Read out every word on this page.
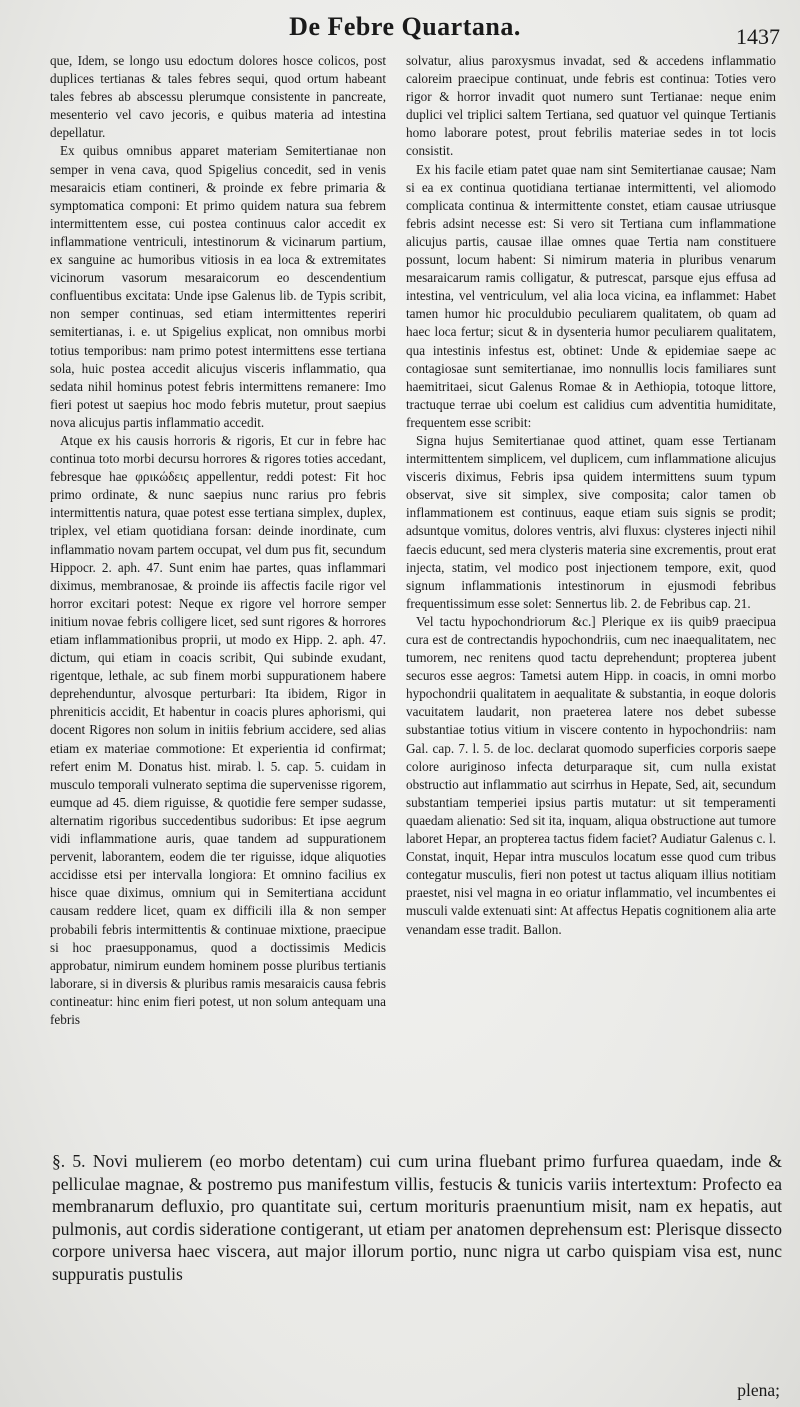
De Febre Quartana.	1437

que, Idem, se longo usu edoctum dolores hosce colicos, post duplices tertianas & tales febres sequi, quod ortum habeant tales febres ab abscessu plerumque consistente in pancreate, mesenterio vel cavo jecoris, e quibus materia ad intestina depellatur.

Ex quibus omnibus apparet materiam Semitertianae non semper in vena cava, quod Spigelius concedit, sed in venis mesaraicis etiam contineri, & proinde ex febre primaria & symptomatica componi: Et primo quidem natura sua febrem intermittentem esse, cui postea continuus calor accedit ex inflammatione ventriculi, intestinorum & vicinarum partium, ex sanguine ac humoribus vitiosis in ea loca & extremitates vicinorum vasorum mesaraicorum eo descendentium confluentibus excitata: Unde ipse Galenus lib. de Typis scribit, non semper continuas, sed etiam intermittentes reperiri semitertianas, i. e. ut Spigelius explicat, non omnibus morbi totius temporibus: nam primo potest intermittens esse tertiana sola, huic postea accedit alicujus visceris inflammatio, qua sedata nihil hominus potest febris intermittens remanere: Imo fieri potest ut saepius hoc modo febris mutetur, prout saepius nova alicujus partis inflammatio accedit.

Atque ex his causis horroris & rigoris, Et cur in febre hac continua toto morbi decursu horrores & rigores toties accedant, febresque hae φρικώδεις appellentur, reddi potest: Fit hoc primo ordinate, & nunc saepius nunc rarius pro febris intermittentis natura, quae potest esse tertiana simplex, duplex, triplex, vel etiam quotidiana forsan: deinde inordinate, cum inflammatio novam partem occupat, vel dum pus fit, secundum Hippocr. 2. aph. 47. Sunt enim hae partes, quas inflammari diximus, membranosae, & proinde iis affectis facile rigor vel horror excitari potest: Neque ex rigore vel horrore semper initium novae febris colligere licet, sed sunt rigores & horrores etiam inflammationibus proprii, ut modo ex Hipp. 2. aph. 47. dictum, qui etiam in coacis scribit, Qui subinde exudant, rigentque, lethale, ac sub finem morbi suppurationem habere deprehenduntur, alvosque perturbari: Ita ibidem, Rigor in phreniticis accidit, Et habentur in coacis plures aphorismi, qui docent Rigores non solum in initiis febrium accidere, sed alias etiam ex materiae commotione: Et experientia id confirmat; refert enim M. Donatus hist. mirab. l. 5. cap. 5. cuidam in musculo temporali vulnerato septima die supervenisse rigorem, eumque ad 45. diem riguisse, & quotidie fere semper sudasse, alternatim rigoribus succedentibus sudoribus: Et ipse aegrum vidi inflammatione auris, quae tandem ad suppurationem pervenit, laborantem, eodem die ter riguisse, idque aliquoties accidisse etsi per intervalla longiora: Et omnino facilius ex hisce quae diximus, omnium qui in Semitertiana accidunt causam reddere licet, quam ex difficili illa & non semper probabili febris intermittentis & continuae mixtione, praecipue si hoc praesupponamus, quod a doctissimis Medicis approbatur, nimirum eundem hominem posse pluribus tertianis laborare, si in diversis & pluribus ramis mesaraicis causa febris contineatur: hinc enim fieri potest, ut non solum antequam una febris

solvatur, alius paroxysmus invadat, sed & accedens inflammatio caloreim praecipue continuat, unde febris est continua: Toties vero rigor & horror invadit quot numero sunt Tertianae: neque enim duplici vel triplici saltem Tertiana, sed quatuor vel quinque Tertianis homo laborare potest, prout febrilis materiae sedes in tot locis consistit.

Ex his facile etiam patet quae nam sint Semitertianae causae; Nam si ea ex continua quotidiana tertianae intermittenti, vel aliomodo complicata continua & intermittente constet, etiam causae utriusque febris adsint necesse est: Si vero sit Tertiana cum inflammatione alicujus partis, causae illae omnes quae Tertia nam constituere possunt, locum habent: Si nimirum materia in pluribus venarum mesaraicarum ramis colligatur, & putrescat, parsque ejus effusa ad intestina, vel ventriculum, vel alia loca vicina, ea inflammet: Habet tamen humor hic proculdubio peculiarem qualitatem, ob quam ad haec loca fertur; sicut & in dysenteria humor peculiarem qualitatem, qua intestinis infestus est, obtinet: Unde & epidemiae saepe ac contagiosae sunt semitertianae, imo nonnullis locis familiares sunt haemitritaei, sicut Galenus Romae & in Aethiopia, totoque littore, tractuque terrae ubi coelum est calidius cum adventitia humiditate, frequentem esse scribit:

Signa hujus Semitertianae quod attinet, quam esse Tertianam intermittentem simplicem, vel duplicem, cum inflammatione alicujus visceris diximus, Febris ipsa quidem intermittens suum typum observat, sive sit simplex, sive composita; calor tamen ob inflammationem est continuus, eaque etiam suis signis se prodit; adsuntque vomitus, dolores ventris, alvi fluxus: clysteres injecti nihil faecis educunt, sed mera clysteris materia sine excrementis, prout erat injecta, statim, vel modico post injectionem tempore, exit, quod signum inflammationis intestinorum in ejusmodi febribus frequentissimum esse solet: Sennertus lib. 2. de Febribus cap. 21.

Vel tactu hypochondriorum &c.] Plerique ex iis quib9 praecipua cura est de contrectandis hypochondriis, cum nec inaequalitatem, nec tumorem, nec renitens quod tactu deprehendunt; propterea jubent securos esse aegros: Tametsi autem Hipp. in coacis, in omni morbo hypochondrii qualitatem in aequalitate & substantia, in eoque doloris vacuitatem laudarit, non praeterea latere nos debet subesse substantiae totius vitium in viscere contento in hypochondriis: nam Gal. cap. 7. l. 5. de loc. declarat quomodo superficies corporis saepe colore auriginoso infecta deturparaque sit, cum nulla existat obstructio aut inflammatio aut scirrhus in Hepate, Sed, ait, secundum substantiam temperiei ipsius partis mutatur: ut sit temperamenti quaedam alienatio: Sed sit ita, inquam, aliqua obstructione aut tumore laboret Hepar, an propterea tactus fidem faciet? Audiatur Galenus c. l. Constat, inquit, Hepar intra musculos locatum esse quod cum tribus contegatur musculis, fieri non potest ut tactus aliquam illius notitiam praestet, nisi vel magna in eo oriatur inflammatio, vel incumbentes ei musculi valde extenuati sint: At affectus Hepatis cognitionem alia arte venandam esse tradit. Ballon.

§. 5. Novi mulierem (eo morbo detentam) cui cum urina fluebant primo furfurea quaedam, inde & pelliculae magnae, & postremo pus manifestum villis, festucis & tunicis variis intertextum: Profecto ea membranarum defluxio, pro quantitate sui, certum morituris praenuntium misit, nam ex hepatis, aut pulmonis, aut cordis sideratione contigerant, ut etiam per anatomen deprehensum est: Plerisque dissecto corpore universa haec viscera, aut major illorum portio, nunc nigra ut carbo quispiam visa est, nunc suppuratis pustulis

plena;
